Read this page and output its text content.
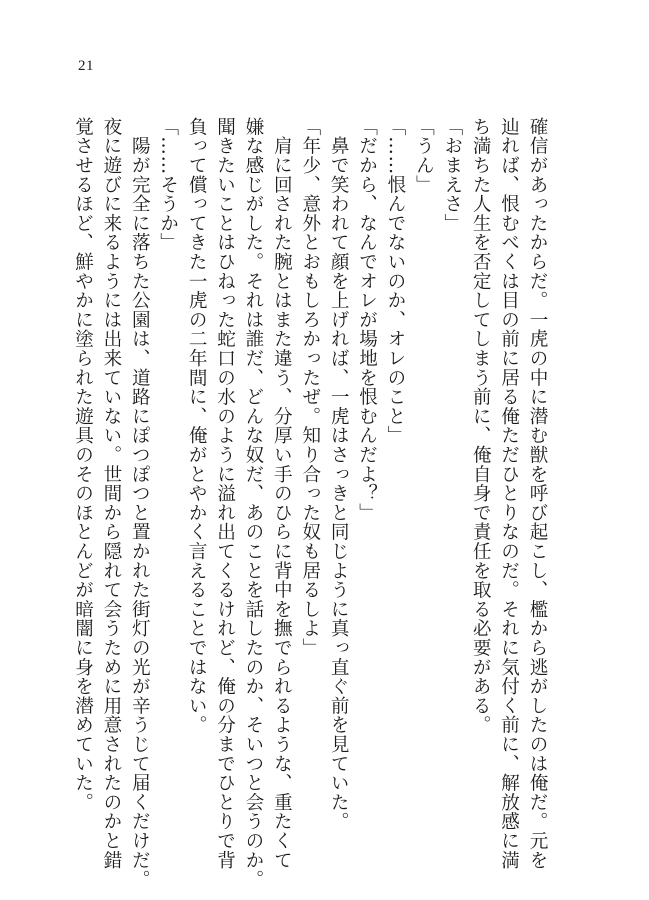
21
確信があったからだ。一虎の中に潜む獣を呼び起こし、檻から逃がしたのは俺だ。元を
辿れば、恨むべくは目の前に居る俺ただひとりなのだ。それに気付く前に、解放感に満
ち満ちた人生を否定してしまう前に、俺自身で責任を取る必要がある。
「おまえさ」
「うん」
「……恨んでないのか、オレのこと」
「だから、なんでオレが場地を恨むんだよ？」
　鼻で笑われて顔を上げれば、一虎はさっきと同じように真っ直ぐ前を見ていた。
「年少、意外とおもしろかったぜ。知り合った奴も居るしよ」
　肩に回された腕とはまた違う、分厚い手のひらに背中を撫でられるような、重たくて
嫌な感じがした。それは誰だ、どんな奴だ、あのことを話したのか、そいつと会うのか。
聞きたいことはひねった蛇口の水のように溢れ出てくるけれど、俺の分までひとりで背
負って償ってきた一虎の二年間に、俺がとやかく言えることではない。
「……そうか」
　陽が完全に落ちた公園は、道路にぽつぽつと置かれた街灯の光が辛うじて届くだけだ。
夜に遊びに来るようには出来ていない。世間から隠れて会うために用意されたのかと錯
覚させるほど、鮮やかに塗られた遊具のそのほとんどが暗闇に身を潜めていた。
